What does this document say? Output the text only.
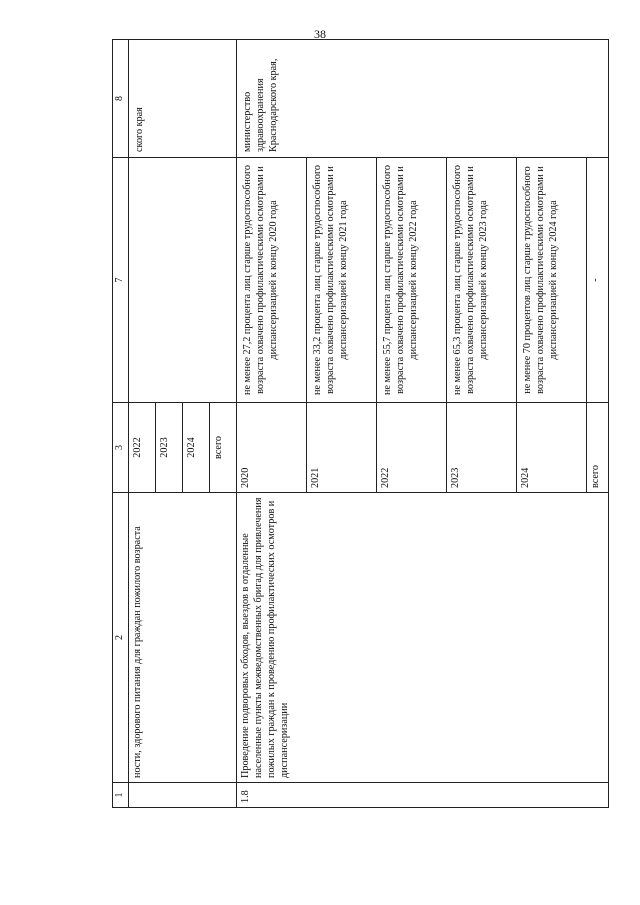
38
1	2	3	7	8
	ности, здорового питания для граждан пожилого возраста	2022		ского края
		2023		
		2024		
		всего		
1.8	Проведение подворовых обходов, выездов в отдаленные населенные пункты межведомственных бригад для привлечения пожилых граждан к проведению профилактических осмотров и диспансеризации	2020	не менее 27,2 процента лиц старше трудоспособного возраста охвачено профилактическими осмотрами и диспансеризацией к концу 2020 года	министерство здравоохранения Краснодарского края,
		2021	не менее 33,2 процента лиц старше трудоспособного возраста охвачено профилактическими осмотрами и диспансеризацией к концу 2021 года	
		2022	не менее 55,7 процента лиц старше трудоспособного возраста охвачено профилактическими осмотрами и диспансеризацией к концу 2022 года	
		2023	не менее 65,3 процента лиц старше трудоспособного возраста охвачено профилактическими осмотрами и диспансеризацией к концу 2023 года	
		2024	не менее 70 процентов лиц старше трудоспособного возраста охвачено профилактическими осмотрами и диспансеризацией к концу 2024 года	
		всего	-	
